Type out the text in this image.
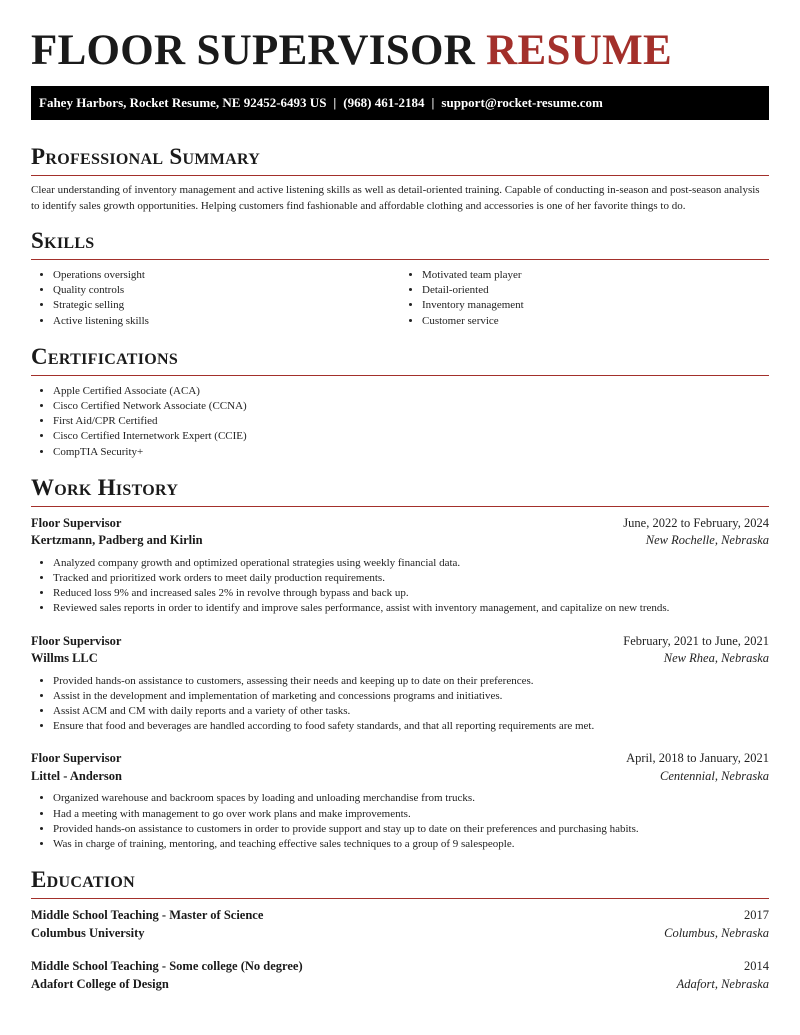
FLOOR SUPERVISOR RESUME
Fahey Harbors, Rocket Resume, NE 92452-6493 US | (968) 461-2184 | support@rocket-resume.com
Professional Summary

Clear understanding of inventory management and active listening skills as well as detail-oriented training. Capable of conducting in-season and post-season analysis to identify sales growth opportunities. Helping customers find fashionable and affordable clothing and accessories is one of her favorite things to do.

Skills
• Operations oversight
• Quality controls
• Strategic selling
• Active listening skills
• Motivated team player
• Detail-oriented
• Inventory management
• Customer service
Certifications
• Apple Certified Associate (ACA)
• Cisco Certified Network Associate (CCNA)
• First Aid/CPR Certified
• Cisco Certified Internetwork Expert (CCIE)
• CompTIA Security+
Work History
Floor Supervisor	June, 2022 to February, 2024
Kertzmann, Padberg and Kirlin	New Rochelle, Nebraska
• Analyzed company growth and optimized operational strategies using weekly financial data.
• Tracked and prioritized work orders to meet daily production requirements.
• Reduced loss 9% and increased sales 2% in revolve through bypass and back up.
• Reviewed sales reports in order to identify and improve sales performance, assist with inventory management, and capitalize on new trends.
Floor Supervisor	February, 2021 to June, 2021
Willms LLC	New Rhea, Nebraska
• Provided hands-on assistance to customers, assessing their needs and keeping up to date on their preferences.
• Assist in the development and implementation of marketing and concessions programs and initiatives.
• Assist ACM and CM with daily reports and a variety of other tasks.
• Ensure that food and beverages are handled according to food safety standards, and that all reporting requirements are met.
Floor Supervisor	April, 2018 to January, 2021
Littel - Anderson	Centennial, Nebraska
• Organized warehouse and backroom spaces by loading and unloading merchandise from trucks.
• Had a meeting with management to go over work plans and make improvements.
• Provided hands-on assistance to customers in order to provide support and stay up to date on their preferences and purchasing habits.
• Was in charge of training, mentoring, and teaching effective sales techniques to a group of 9 salespeople.
Education
Middle School Teaching - Master of Science	2017
Columbus University	Columbus, Nebraska
Middle School Teaching - Some college (No degree)	2014
Adafort College of Design	Adafort, Nebraska
